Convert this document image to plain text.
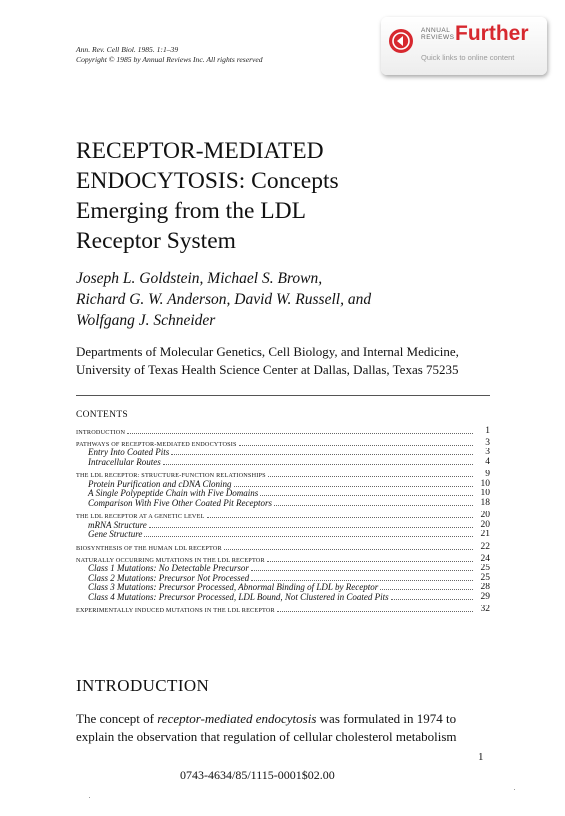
Ann. Rev. Cell Biol. 1985. 1:1–39
Copyright © 1985 by Annual Reviews Inc. All rights reserved
ANNUAL
REVIEWS Further
Quick links to online content
RECEPTOR-MEDIATED
ENDOCYTOSIS: Concepts
Emerging from the LDL
Receptor System
Joseph L. Goldstein, Michael S. Brown,
Richard G. W. Anderson, David W. Russell, and
Wolfgang J. Schneider
Departments of Molecular Genetics, Cell Biology, and Internal Medicine,
University of Texas Health Science Center at Dallas, Dallas, Texas 75235
CONTENTS
INTRODUCTION	1
PATHWAYS OF RECEPTOR-MEDIATED ENDOCYTOSIS	3
Entry Into Coated Pits	3
Intracellular Routes	4
THE LDL RECEPTOR: STRUCTURE-FUNCTION RELATIONSHIPS	9
Protein Purification and cDNA Cloning	10
A Single Polypeptide Chain with Five Domains	10
Comparison With Five Other Coated Pit Receptors	18
THE LDL RECEPTOR AT A GENETIC LEVEL	20
mRNA Structure	20
Gene Structure	21
BIOSYNTHESIS OF THE HUMAN LDL RECEPTOR	22
NATURALLY OCCURRING MUTATIONS IN THE LDL RECEPTOR	24
Class 1 Mutations: No Detectable Precursor	25
Class 2 Mutations: Precursor Not Processed	25
Class 3 Mutations: Precursor Processed, Abnormal Binding of LDL by Receptor	28
Class 4 Mutations: Precursor Processed, LDL Bound, Not Clustered in Coated Pits	29
EXPERIMENTALLY INDUCED MUTATIONS IN THE LDL RECEPTOR	32
INTRODUCTION
The concept of receptor-mediated endocytosis was formulated in 1974 to
explain the observation that regulation of cellular cholesterol metabolism
1
0743-4634/85/1115-0001$02.00
